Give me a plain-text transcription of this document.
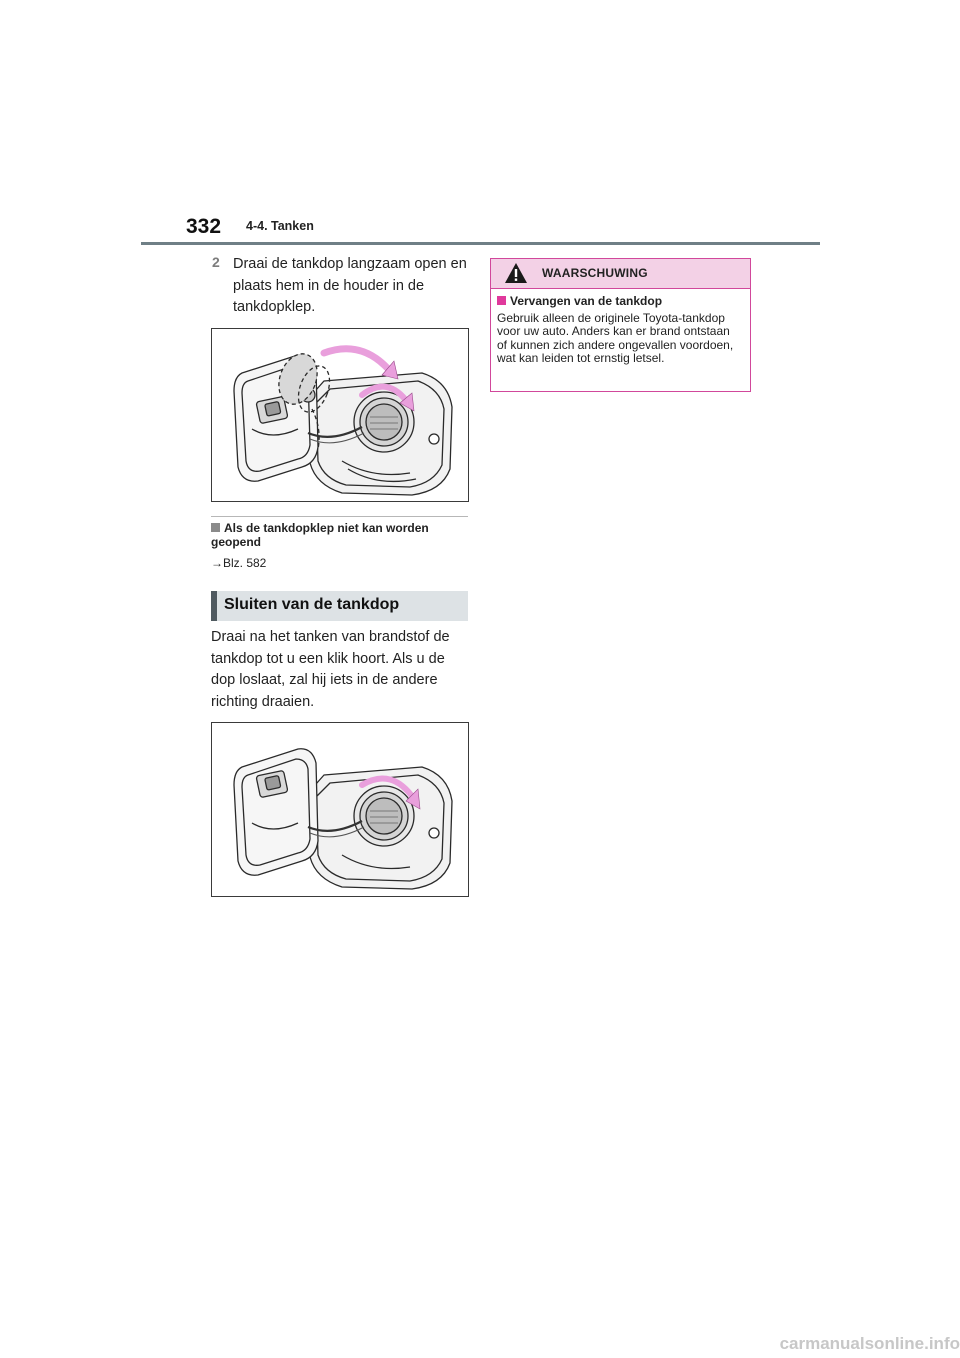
332 4-4. Tanken
2 Draai de tankdop langzaam open en plaats hem in de houder in de tankdopklep.
Als de tankdopklep niet kan worden geopend
→Blz. 582
Sluiten van de tankdop
Draai na het tanken van brandstof de tankdop tot u een klik hoort. Als u de dop loslaat, zal hij iets in de andere richting draaien.
WAARSCHUWING
Vervangen van de tankdop
Gebruik alleen de originele Toyota-tankdop voor uw auto. Anders kan er brand ontstaan of kunnen zich andere ongevallen voordoen, wat kan leiden tot ernstig letsel.
carmanualsonline.info
